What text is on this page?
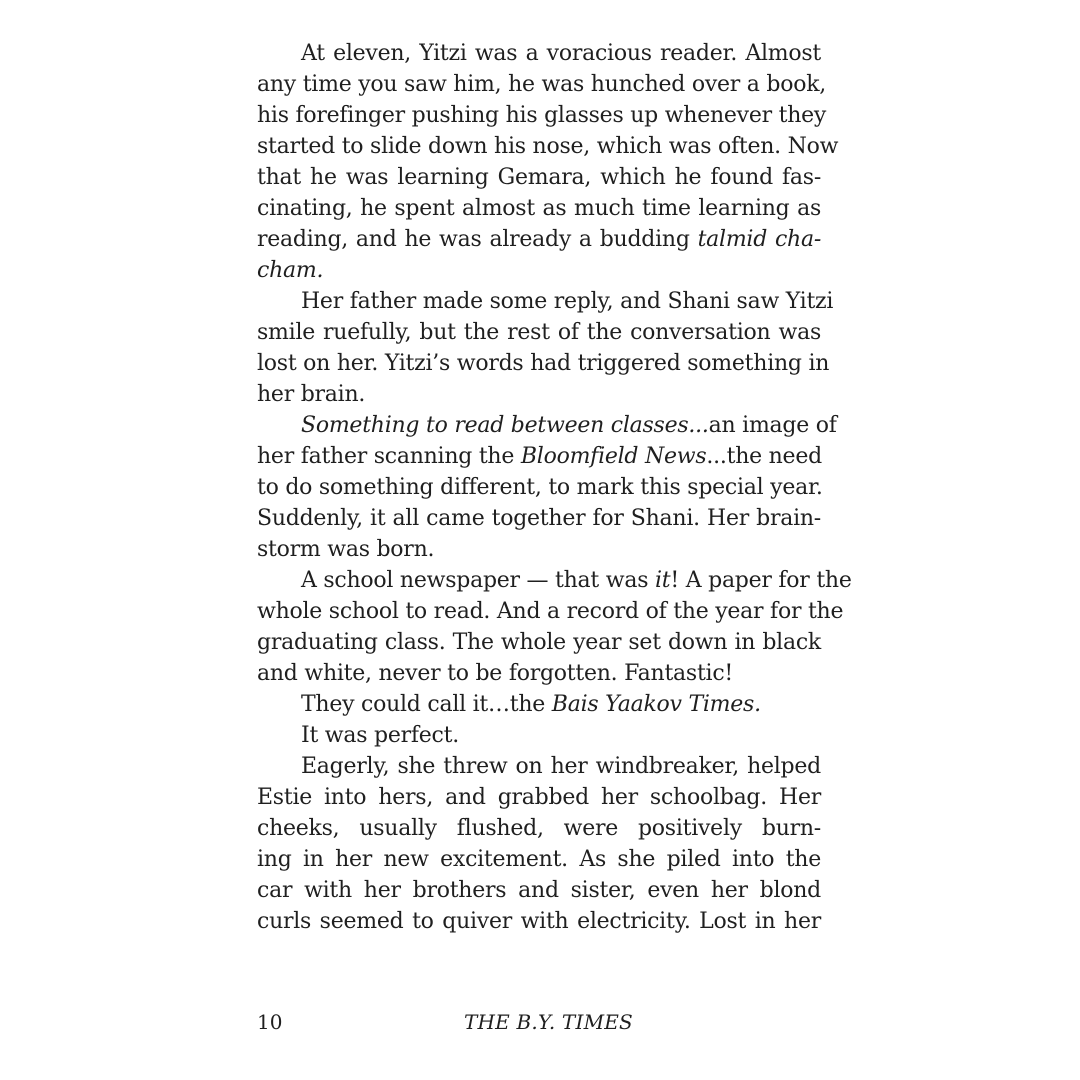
At eleven, Yitzi was a voracious reader. Almost
any time you saw him, he was hunched over a book,
his forefinger pushing his glasses up whenever they
started to slide down his nose, which was often. Now
that he was learning Gemara, which he found fas-
cinating, he spent almost as much time learning as
reading, and he was already a budding talmid cha-
cham.
Her father made some reply, and Shani saw Yitzi
smile ruefully, but the rest of the conversation was
lost on her. Yitzi’s words had triggered something in
her brain.
Something to read between classes...an image of
her father scanning the Bloomfield News...the need
to do something different, to mark this special year.
Suddenly, it all came together for Shani. Her brain-
storm was born.
A school newspaper — that was it! A paper for the
whole school to read. And a record of the year for the
graduating class. The whole year set down in black
and white, never to be forgotten. Fantastic!
They could call it…the Bais Yaakov Times.
It was perfect.
Eagerly, she threw on her windbreaker, helped
Estie into hers, and grabbed her schoolbag. Her
cheeks, usually flushed, were positively burn-
ing in her new excitement. As she piled into the
car with her brothers and sister, even her blond
curls seemed to quiver with electricity. Lost in her
10	THE B.Y. TIMES
